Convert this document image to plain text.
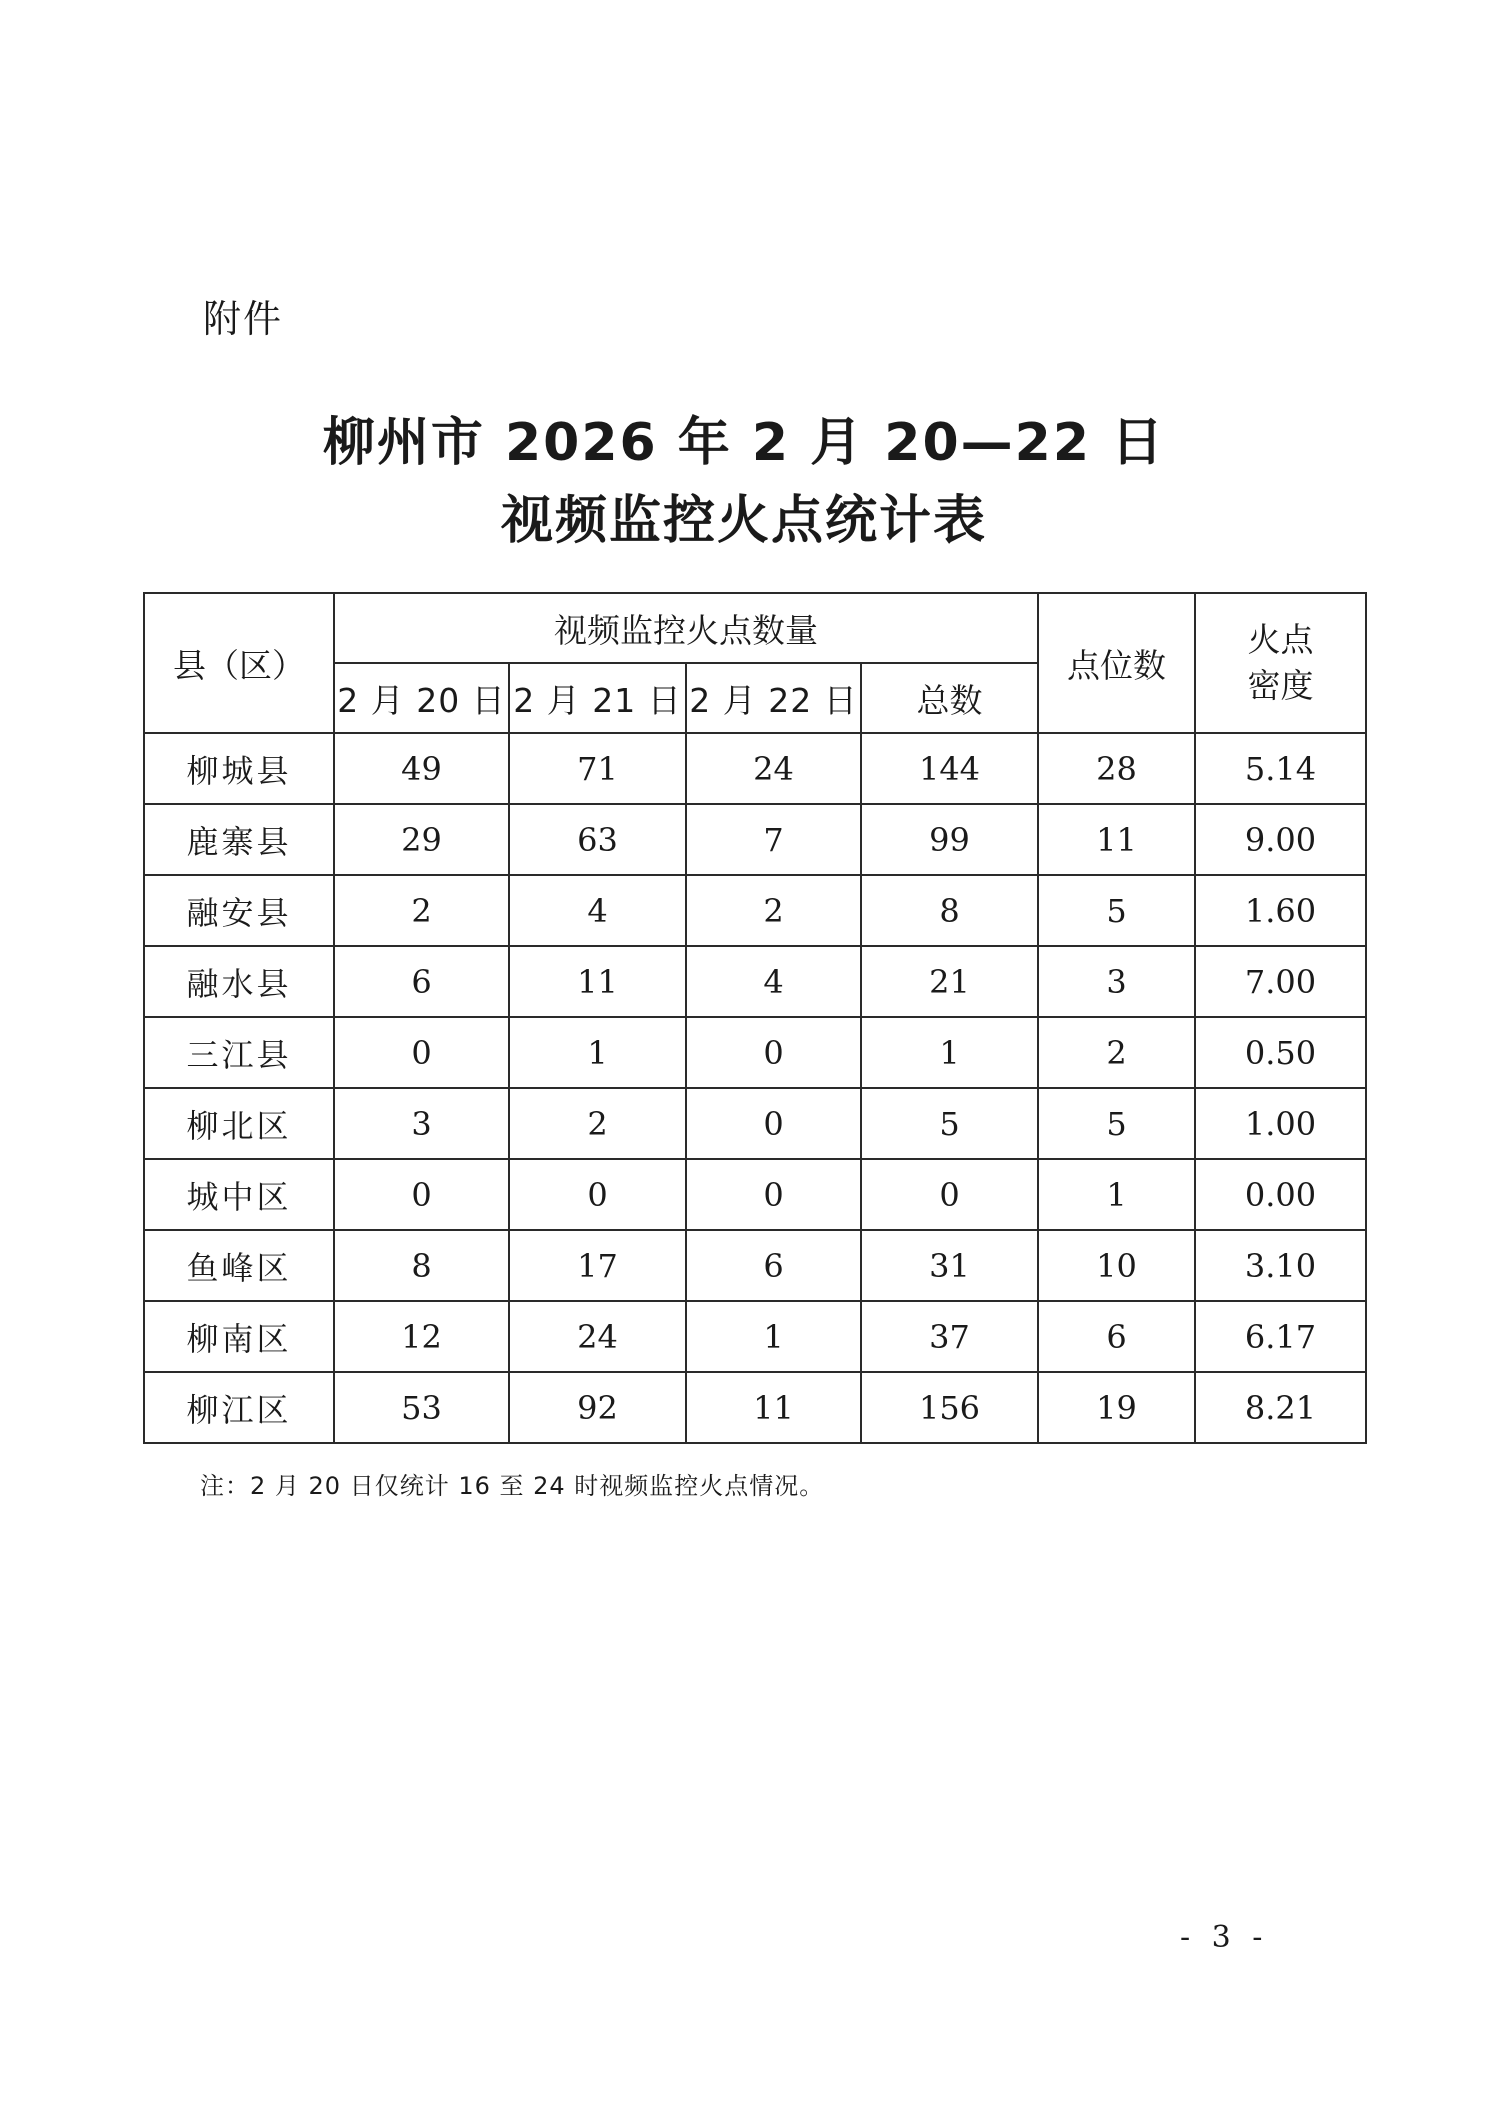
附件
柳州市 2026 年 2 月 20—22 日
视频监控火点统计表
县（区）	视频监控火点数量				点位数	火点
密度

	2 月 20 日	2 月 21 日	2 月 22 日	总数		
柳城县	49	71	24	144	28	5.14
鹿寨县	29	63	7	99	11	9.00
融安县	2	4	2	8	5	1.60
融水县	6	11	4	21	3	7.00
三江县	0	1	0	1	2	0.50
柳北区	3	2	0	5	5	1.00
城中区	0	0	0	0	1	0.00
鱼峰区	8	17	6	31	10	3.10
柳南区	12	24	1	37	6	6.17
柳江区	53	92	11	156	19	8.21
注：2 月 20 日仅统计 16 至 24 时视频监控火点情况。
- 3 -
